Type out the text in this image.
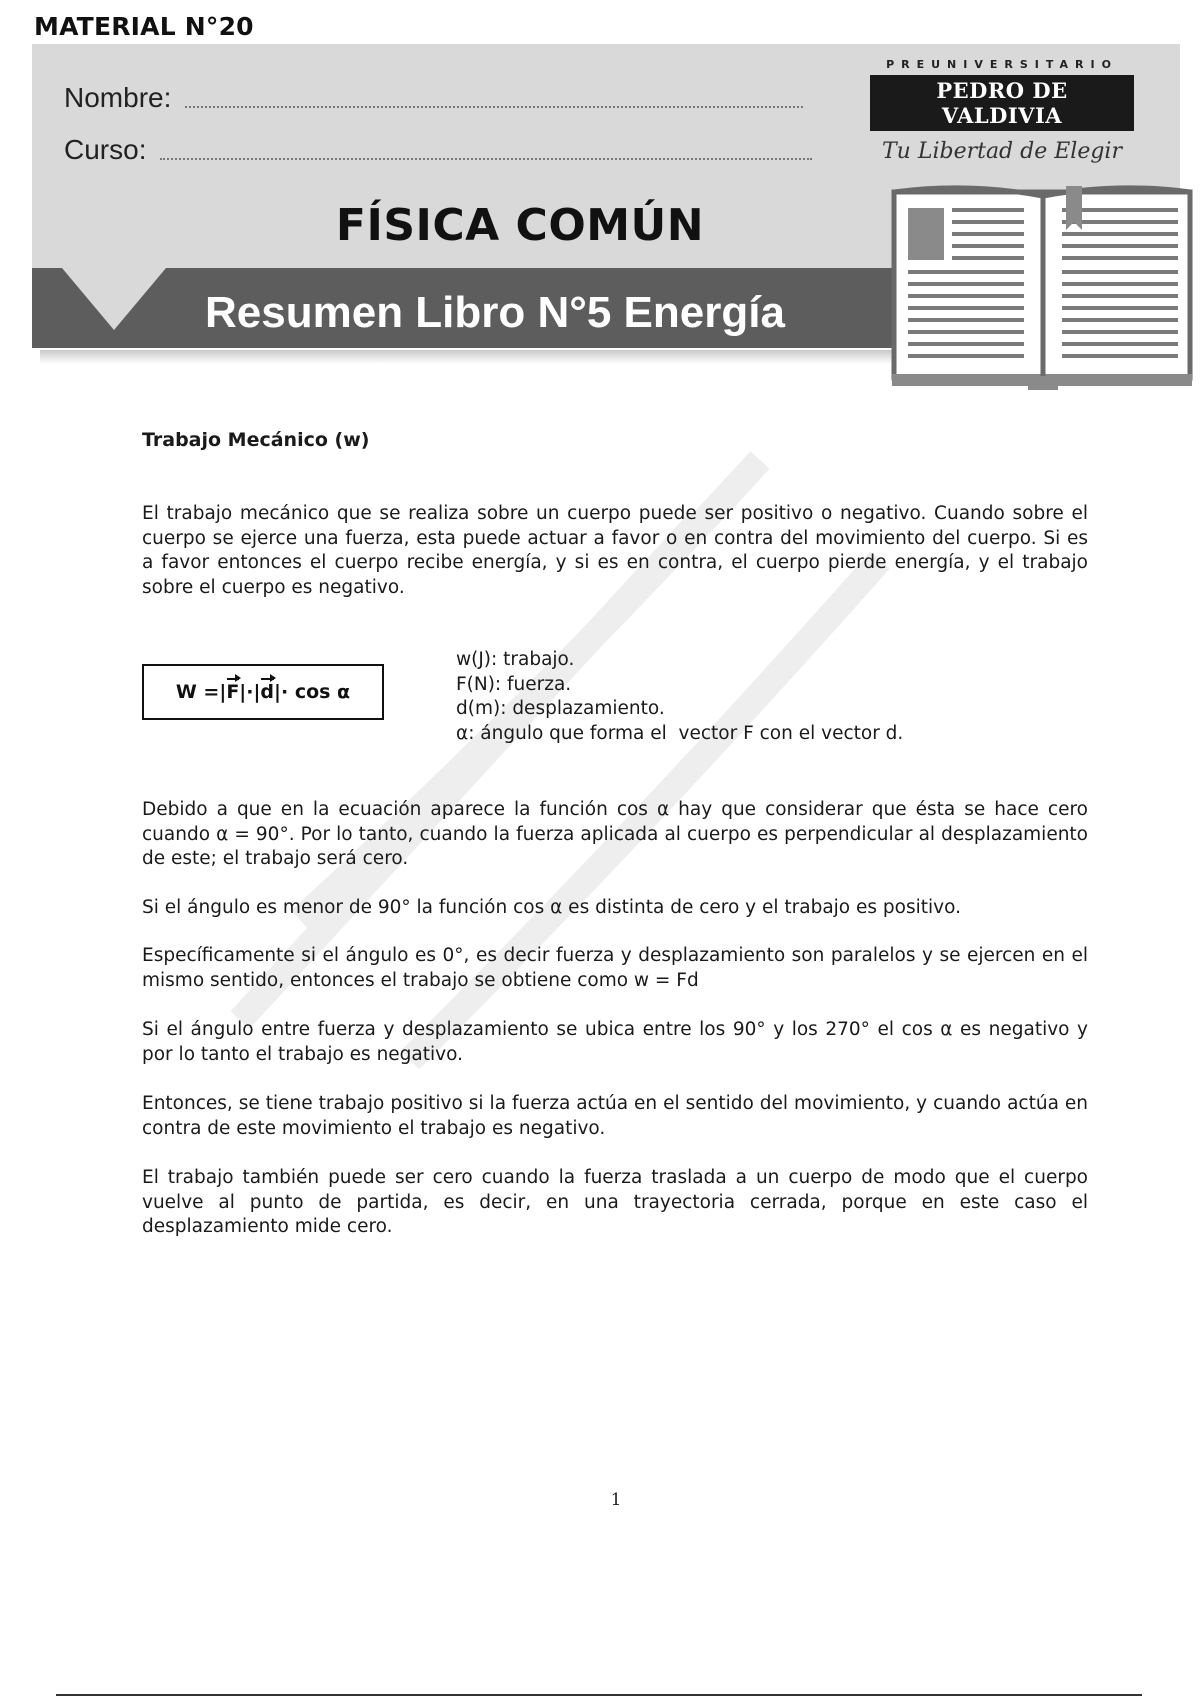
MATERIAL N°20
Nombre:
Curso:
PREUNIVERSITARIO
PEDRO DE VALDIVIA
Tu Libertad de Elegir
FÍSICA COMÚN
Resumen Libro N°5 Energía
Trabajo Mecánico (w)
El trabajo mecánico que se realiza sobre un cuerpo puede ser positivo o negativo. Cuando sobre el cuerpo se ejerce una fuerza, esta puede actuar a favor o en contra del movimiento del cuerpo. Si es a favor entonces el cuerpo recibe energía, y si es en contra, el cuerpo pierde energía, y el trabajo sobre el cuerpo es negativo.
W = | F | · | d | · cos α
w(J): trabajo.
F(N): fuerza.
d(m): desplazamiento.
α: ángulo que forma el  vector F con el vector d.
Debido a que en la ecuación aparece la función cos α hay que considerar que ésta se hace cero cuando α = 90°. Por lo tanto, cuando la fuerza aplicada al cuerpo es perpendicular al desplazamiento de este; el trabajo será cero.
Si el ángulo es menor de 90° la función cos α es distinta de cero y el trabajo es positivo.
Específicamente si el ángulo es 0°, es decir fuerza y desplazamiento son paralelos y se ejercen en el mismo sentido, entonces el trabajo se obtiene como w = Fd
Si el ángulo entre fuerza y desplazamiento se ubica entre los 90° y los 270° el cos α es negativo y por lo tanto el trabajo es negativo.
Entonces, se tiene trabajo positivo si la fuerza actúa en el sentido del movimiento, y cuando actúa en contra de este movimiento el trabajo es negativo.
El trabajo también puede ser cero cuando la fuerza traslada a un cuerpo de modo que el cuerpo vuelve al punto de partida, es decir, en una trayectoria cerrada, porque en este caso el desplazamiento mide cero.
1
